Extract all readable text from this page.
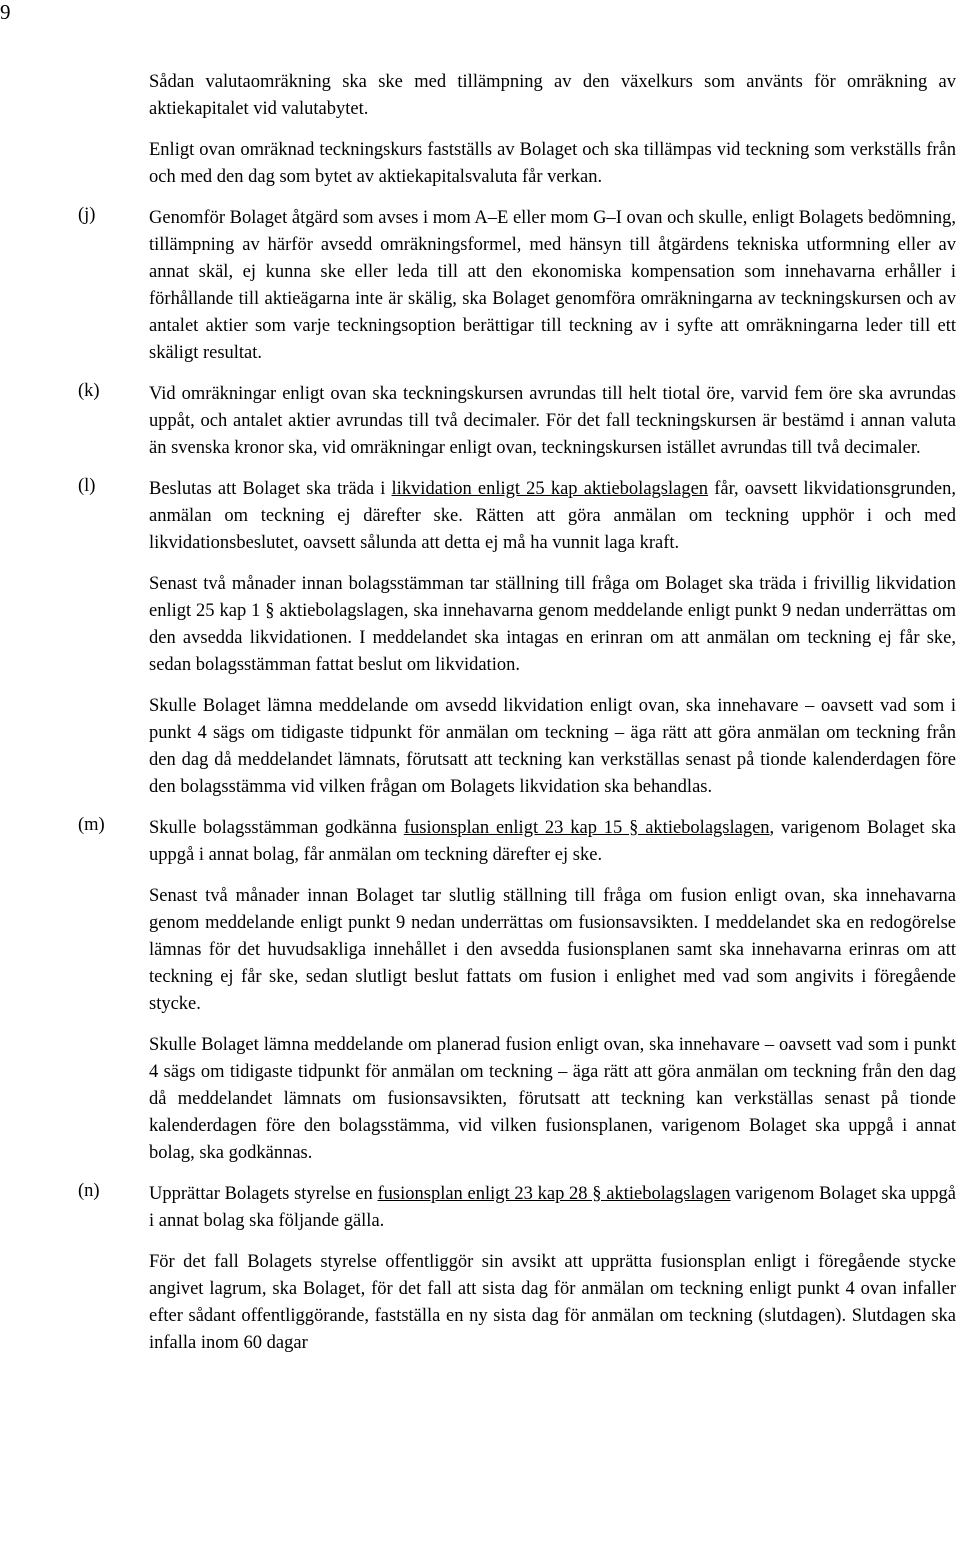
9

Sådan valutaomräkning ska ske med tillämpning av den växelkurs som använts för omräkning av aktiekapitalet vid valutabytet.

Enligt ovan omräknad teckningskurs fastställs av Bolaget och ska tillämpas vid teckning som verkställs från och med den dag som bytet av aktiekapitalsvaluta får verkan.

(j)	Genomför Bolaget åtgärd som avses i mom A–E eller mom G–I ovan och skulle, enligt Bolagets bedömning, tillämpning av härför avsedd omräkningsformel, med hänsyn till åtgärdens tekniska utformning eller av annat skäl, ej kunna ske eller leda till att den ekonomiska kompensation som innehavarna erhåller i förhållande till aktieägarna inte är skälig, ska Bolaget genomföra omräkningarna av teckningskursen och av antalet aktier som varje teckningsoption berättigar till teckning av i syfte att omräkningarna leder till ett skäligt resultat.

(k)	Vid omräkningar enligt ovan ska teckningskursen avrundas till helt tiotal öre, varvid fem öre ska avrundas uppåt, och antalet aktier avrundas till två decimaler. För det fall teckningskursen är bestämd i annan valuta än svenska kronor ska, vid omräkningar enligt ovan, teckningskursen istället avrundas till två decimaler.

(l)	Beslutas att Bolaget ska träda i likvidation enligt 25 kap aktiebolagslagen får, oavsett likvidationsgrunden, anmälan om teckning ej därefter ske. Rätten att göra anmälan om teckning upphör i och med likvidationsbeslutet, oavsett sålunda att detta ej må ha vunnit laga kraft.

Senast två månader innan bolagsstämman tar ställning till fråga om Bolaget ska träda i frivillig likvidation enligt 25 kap 1 § aktiebolagslagen, ska innehavarna genom meddelande enligt punkt 9 nedan underrättas om den avsedda likvidationen. I meddelandet ska intagas en erinran om att anmälan om teckning ej får ske, sedan bolagsstämman fattat beslut om likvidation.

Skulle Bolaget lämna meddelande om avsedd likvidation enligt ovan, ska innehavare – oavsett vad som i punkt 4 sägs om tidigaste tidpunkt för anmälan om teckning – äga rätt att göra anmälan om teckning från den dag då meddelandet lämnats, förutsatt att teckning kan verkställas senast på tionde kalenderdagen före den bolagsstämma vid vilken frågan om Bolagets likvidation ska behandlas.

(m) Skulle bolagsstämman godkänna fusionsplan enligt 23 kap 15 § aktiebolagslagen, varigenom Bolaget ska uppgå i annat bolag, får anmälan om teckning därefter ej ske.

Senast två månader innan Bolaget tar slutlig ställning till fråga om fusion enligt ovan, ska innehavarna genom meddelande enligt punkt 9 nedan underrättas om fusionsavsikten. I meddelandet ska en redogörelse lämnas för det huvudsakliga innehållet i den avsedda fusionsplanen samt ska innehavarna erinras om att teckning ej får ske, sedan slutligt beslut fattats om fusion i enlighet med vad som angivits i föregående stycke.

Skulle Bolaget lämna meddelande om planerad fusion enligt ovan, ska innehavare – oavsett vad som i punkt 4 sägs om tidigaste tidpunkt för anmälan om teckning – äga rätt att göra anmälan om teckning från den dag då meddelandet lämnats om fusionsavsikten, förutsatt att teckning kan verkställas senast på tionde kalenderdagen före den bolagsstämma, vid vilken fusionsplanen, varigenom Bolaget ska uppgå i annat bolag, ska godkännas.

(n)	Upprättar Bolagets styrelse en fusionsplan enligt 23 kap 28 § aktiebolagslagen varigenom Bolaget ska uppgå i annat bolag ska följande gälla.

För det fall Bolagets styrelse offentliggör sin avsikt att upprätta fusionsplan enligt i föregående stycke angivet lagrum, ska Bolaget, för det fall att sista dag för anmälan om teckning enligt punkt 4 ovan infaller efter sådant offentliggörande, fastställa en ny sista dag för anmälan om teckning (slutdagen). Slutdagen ska infalla inom 60 dagar
